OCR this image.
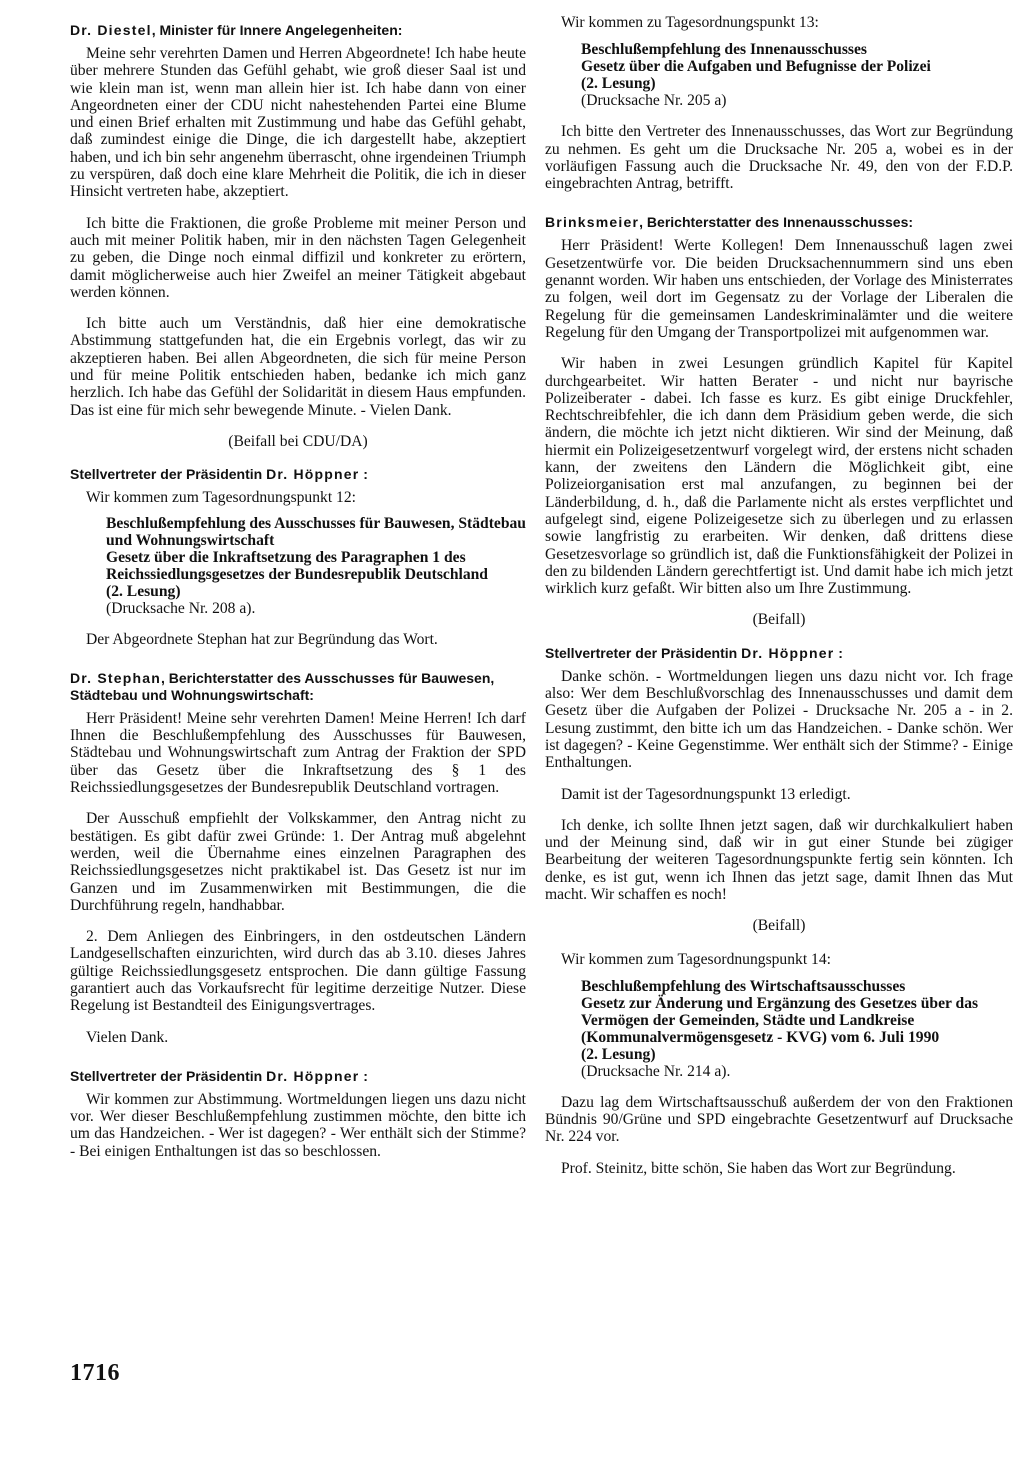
Dr. Diestel, Minister für Innere Angelegenheiten:

Meine sehr verehrten Damen und Herren Abgeordnete! Ich habe heute über mehrere Stunden das Gefühl gehabt, wie groß dieser Saal ist und wie klein man ist, wenn man allein hier ist. Ich habe dann von einer Angeordneten einer der CDU nicht nahestehenden Partei eine Blume und einen Brief erhalten mit Zustimmung und habe das Gefühl gehabt, daß zumindest einige die Dinge, die ich dargestellt habe, akzeptiert haben, und ich bin sehr angenehm überrascht, ohne irgendeinen Triumph zu verspüren, daß doch eine klare Mehrheit die Politik, die ich in dieser Hinsicht vertreten habe, akzeptiert.

Ich bitte die Fraktionen, die große Probleme mit meiner Person und auch mit meiner Politik haben, mir in den nächsten Tagen Gelegenheit zu geben, die Dinge noch einmal diffizil und konkreter zu erörtern, damit möglicherweise auch hier Zweifel an meiner Tätigkeit abgebaut werden können.

Ich bitte auch um Verständnis, daß hier eine demokratische Abstimmung stattgefunden hat, die ein Ergebnis vorlegt, das wir zu akzeptieren haben. Bei allen Abgeordneten, die sich für meine Person und für meine Politik entschieden haben, bedanke ich mich ganz herzlich. Ich habe das Gefühl der Solidarität in diesem Haus empfunden. Das ist eine für mich sehr bewegende Minute. - Vielen Dank.

(Beifall bei CDU/DA)

Stellvertreter der Präsidentin Dr. Höppner :

Wir kommen zum Tagesordnungspunkt 12:

Beschlußempfehlung des Ausschusses für Bauwesen, Städtebau und Wohnungswirtschaft

Gesetz über die Inkraftsetzung des Paragraphen 1 des Reichssiedlungsgesetzes der Bundesrepublik Deutschland

(2. Lesung)

(Drucksache Nr. 208 a).

Der Abgeordnete Stephan hat zur Begründung das Wort.

Dr. Stephan, Berichterstatter des Ausschusses für Bauwesen, Städtebau und Wohnungswirtschaft:

Herr Präsident! Meine sehr verehrten Damen! Meine Herren! Ich darf Ihnen die Beschlußempfehlung des Ausschusses für Bauwesen, Städtebau und Wohnungswirtschaft zum Antrag der Fraktion der SPD über das Gesetz über die Inkraftsetzung des § 1 des Reichssiedlungsgesetzes der Bundesrepublik Deutschland vortragen.

Der Ausschuß empfiehlt der Volkskammer, den Antrag nicht zu bestätigen. Es gibt dafür zwei Gründe: 1. Der Antrag muß abgelehnt werden, weil die Übernahme eines einzelnen Paragraphen des Reichssiedlungsgesetzes nicht praktikabel ist. Das Gesetz ist nur im Ganzen und im Zusammenwirken mit Bestimmungen, die die Durchführung regeln, handhabbar.

2. Dem Anliegen des Einbringers, in den ostdeutschen Ländern Landgesellschaften einzurichten, wird durch das ab 3.10. dieses Jahres gültige Reichssiedlungsgesetz entsprochen. Die dann gültige Fassung garantiert auch das Vorkaufsrecht für legitime derzeitige Nutzer. Diese Regelung ist Bestandteil des Einigungsvertrages.

Vielen Dank.

Stellvertreter der Präsidentin Dr. Höppner :

Wir kommen zur Abstimmung. Wortmeldungen liegen uns dazu nicht vor. Wer dieser Beschlußempfehlung zustimmen möchte, den bitte ich um das Handzeichen. - Wer ist dagegen? - Wer enthält sich der Stimme? - Bei einigen Enthaltungen ist das so beschlossen.

Wir kommen zu Tagesordnungspunkt 13:

Beschlußempfehlung des Innenausschusses

Gesetz über die Aufgaben und Befugnisse der Polizei

(2. Lesung)

(Drucksache Nr. 205 a)

Ich bitte den Vertreter des Innenausschusses, das Wort zur Begründung zu nehmen. Es geht um die Drucksache Nr. 205 a, wobei es in der vorläufigen Fassung auch die Drucksache Nr. 49, den von der F.D.P. eingebrachten Antrag, betrifft.

Brinksmeier, Berichterstatter des Innenausschusses:

Herr Präsident! Werte Kollegen! Dem Innenausschuß lagen zwei Gesetzentwürfe vor. Die beiden Drucksachennummern sind uns eben genannt worden. Wir haben uns entschieden, der Vorlage des Ministerrates zu folgen, weil dort im Gegensatz zu der Vorlage der Liberalen die Regelung für die gemeinsamen Landeskriminalämter und die weitere Regelung für den Umgang der Transportpolizei mit aufgenommen war.

Wir haben in zwei Lesungen gründlich Kapitel für Kapitel durchgearbeitet. Wir hatten Berater - und nicht nur bayrische Polizeiberater - dabei. Ich fasse es kurz. Es gibt einige Druckfehler, Rechtschreibfehler, die ich dann dem Präsidium geben werde, die sich ändern, die möchte ich jetzt nicht diktieren. Wir sind der Meinung, daß hiermit ein Polizeigesetzentwurf vorgelegt wird, der erstens nicht schaden kann, der zweitens den Ländern die Möglichkeit gibt, eine Polizeiorganisation erst mal anzufangen, zu beginnen bei der Länderbildung, d. h., daß die Parlamente nicht als erstes verpflichtet und aufgelegt sind, eigene Polizeigesetze sich zu überlegen und zu erlassen sowie langfristig zu erarbeiten. Wir denken, daß drittens diese Gesetzesvorlage so gründlich ist, daß die Funktionsfähigkeit der Polizei in den zu bildenden Ländern gerechtfertigt ist. Und damit habe ich mich jetzt wirklich kurz gefaßt. Wir bitten also um Ihre Zustimmung.

(Beifall)

Stellvertreter der Präsidentin Dr. Höppner :

Danke schön. - Wortmeldungen liegen uns dazu nicht vor. Ich frage also: Wer dem Beschlußvorschlag des Innenausschusses und damit dem Gesetz über die Aufgaben der Polizei - Drucksache Nr. 205 a - in 2. Lesung zustimmt, den bitte ich um das Handzeichen. - Danke schön. Wer ist dagegen? - Keine Gegenstimme. Wer enthält sich der Stimme? - Einige Enthaltungen.

Damit ist der Tagesordnungspunkt 13 erledigt.

Ich denke, ich sollte Ihnen jetzt sagen, daß wir durchkalkuliert haben und der Meinung sind, daß wir in gut einer Stunde bei zügiger Bearbeitung der weiteren Tagesordnungspunkte fertig sein könnten. Ich denke, es ist gut, wenn ich Ihnen das jetzt sage, damit Ihnen das Mut macht. Wir schaffen es noch!

(Beifall)

Wir kommen zum Tagesordnungspunkt 14:

Beschlußempfehlung des Wirtschaftsausschusses

Gesetz zur Änderung und Ergänzung des Gesetzes über das Vermögen der Gemeinden, Städte und Landkreise (Kommunalvermögensgesetz - KVG) vom 6. Juli 1990

(2. Lesung)

(Drucksache Nr. 214 a).

Dazu lag dem Wirtschaftsausschuß außerdem der von den Fraktionen Bündnis 90/Grüne und SPD eingebrachte Gesetzentwurf auf Drucksache Nr. 224 vor.

Prof. Steinitz, bitte schön, Sie haben das Wort zur Begründung.

1716
